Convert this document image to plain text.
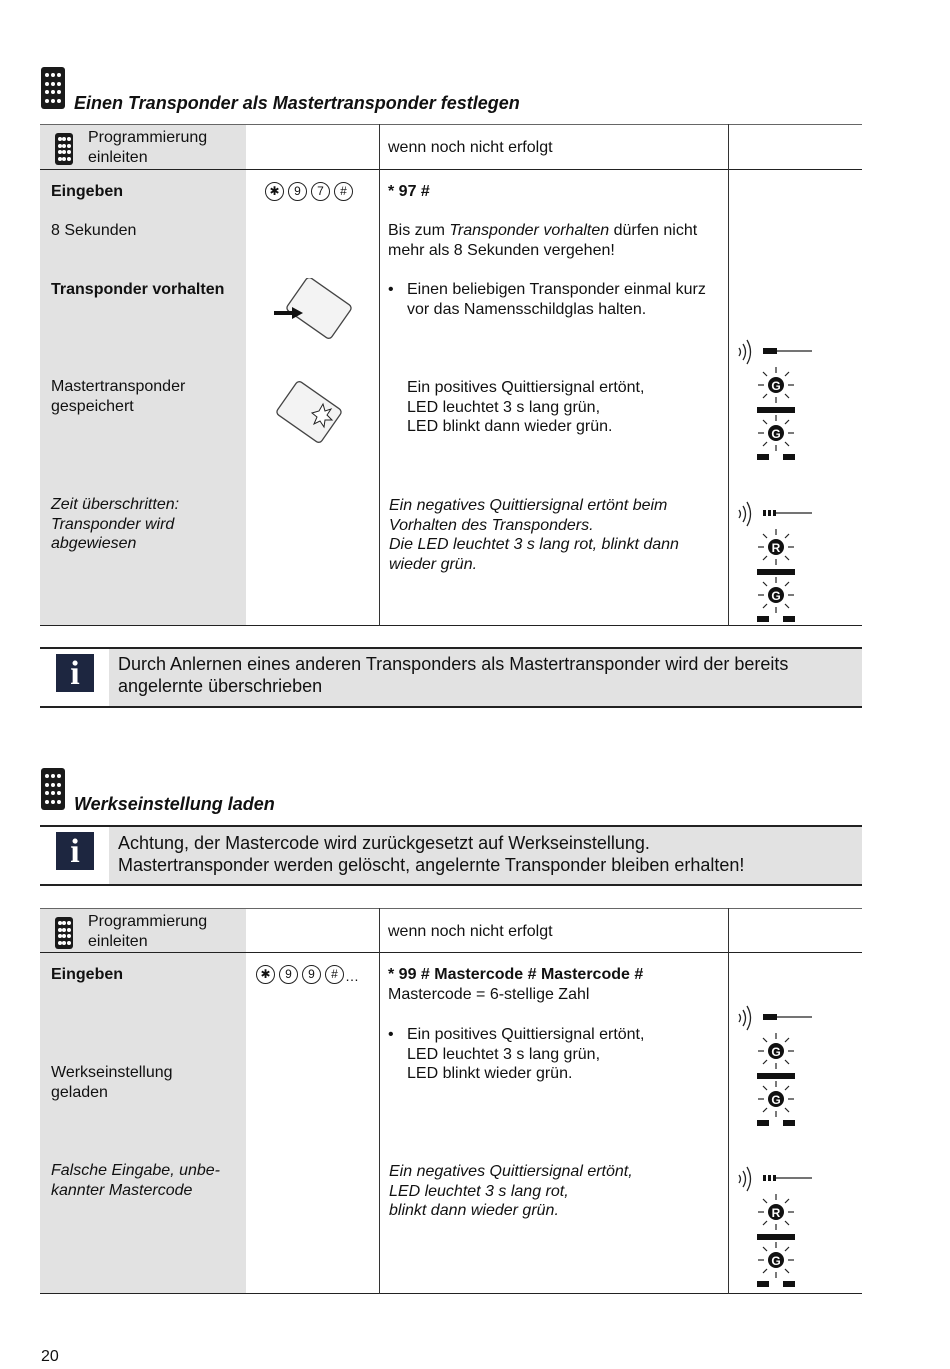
Einen Transponder als Mastertransponder festlegen
Programmierung
einleiten
wenn noch nicht erfolgt
Eingeben	✱	9	7	#	* 97 #
8 Sekunden	Bis zum Transponder vorhalten dürfen nicht mehr als 8 Sekunden vergehen!
Transponder vorhalten
•	Einen beliebigen Transponder einmal kurz vor das Namensschildglas halten.
Mastertransponder
gespeichert
Ein positives Quittiersignal ertönt,
LED leuchtet 3 s lang grün,
LED blinkt dann wieder grün.
G
G
Zeit überschritten:
Transponder wird
abgewiesen
Ein negatives Quittiersignal ertönt beim Vorhalten des Transponders.
Die LED leuchtet 3 s lang rot, blinkt dann wieder grün.
R
G
i	Durch Anlernen eines anderen Transponders als Mastertransponder wird der bereits angelernte überschrieben
Werkseinstellung laden
i	Achtung, der Mastercode wird zurückgesetzt auf Werkseinstellung.
Mastertransponder werden gelöscht, angelernte Transponder bleiben erhalten!
Programmierung
einleiten
wenn noch nicht erfolgt
Eingeben	✱	9	9	# … * 99 # Mastercode # Mastercode #
Mastercode = 6-stellige Zahl
Werkseinstellung
geladen
• Ein positives Quittiersignal ertönt,
LED leuchtet 3 s lang grün,
LED blinkt wieder grün.
G
G
Falsche Eingabe, unbe-
kannter Mastercode
Ein negatives Quittiersignal ertönt,
LED leuchtet 3 s lang rot,
blinkt dann wieder grün.	R
G
20
